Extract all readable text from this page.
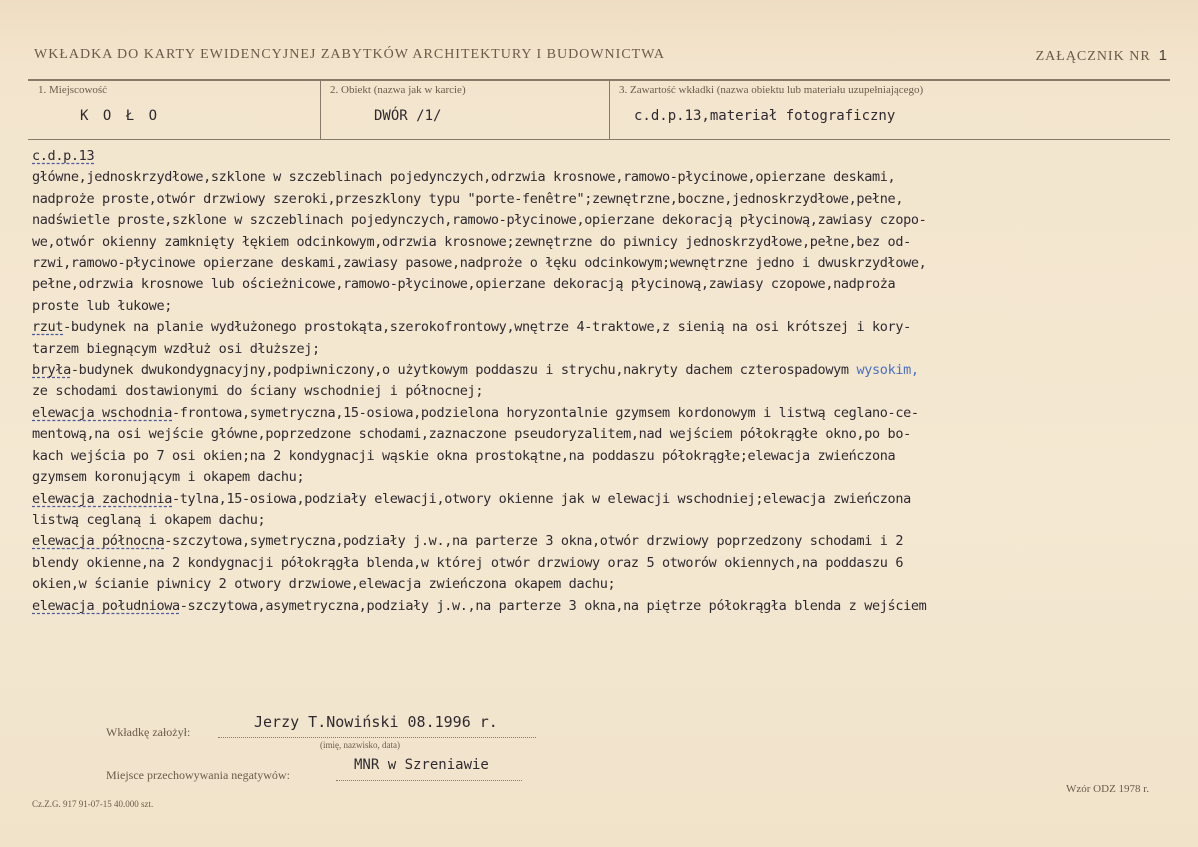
WKŁADKA DO KARTY EWIDENCYJNEJ ZABYTKÓW ARCHITEKTURY I BUDOWNICTWA	ZAŁĄCZNIK NR 1
1. Miejscowość
K O Ł O
2. Obiekt (nazwa jak w karcie)
DWÓR /1/
3. Zawartość wkładki (nazwa obiektu lub materiału uzupełniającego)
c.d.p.13,materiał fotograficzny
c.d.p.13
główne,jednoskrzydłowe,szklone w szczeblinach pojedynczych,odrzwia krosnowe,ramowo-płycinowe,opierzane deskami,
nadproże proste,otwór drzwiowy szeroki,przeszklony typu "porte-fenêtre";zewnętrzne,boczne,jednoskrzydłowe,pełne,
nadświetle proste,szklone w szczeblinach pojedynczych,ramowo-płycinowe,opierzane dekoracją płycinową,zawiasy czopo-
we,otwór okienny zamknięty łękiem odcinkowym,odrzwia krosnowe;zewnętrzne do piwnicy jednoskrzydłowe,pełne,bez od-
rzwi,ramowo-płycinowe opierzane deskami,zawiasy pasowe,nadproże o łęku odcinkowym;wewnętrzne jedno i dwuskrzydłowe,
pełne,odrzwia krosnowe lub ościeżnicowe,ramowo-płycinowe,opierzane dekoracją płycinową,zawiasy czopowe,nadproża
proste lub łukowe;
rzut-budynek na planie wydłużonego prostokąta,szerokofrontowy,wnętrze 4-traktowe,z sienią na osi krótszej i kory-
tarzem biegnącym wzdłuż osi dłuższej;
bryła-budynek dwukondygnacyjny,podpiwniczony,o użytkowym poddaszu i strychu,nakryty dachem czterospadowym wysokim,
ze schodami dostawionymi do ściany wschodniej i północnej;
elewacja wschodnia-frontowa,symetryczna,15-osiowa,podzielona horyzontalnie gzymsem kordonowym i listwą ceglano-ce-
mentową,na osi wejście główne,poprzedzone schodami,zaznaczone pseudoryzalitem,nad wejściem półokrągłe okno,po bo-
kach wejścia po 7 osi okien;na 2 kondygnacji wąskie okna prostokątne,na poddaszu półokrągłe;elewacja zwieńczona
gzymsem koronującym i okapem dachu;
elewacja zachodnia-tylna,15-osiowa,podziały elewacji,otwory okienne jak w elewacji wschodniej;elewacja zwieńczona
listwą ceglaną i okapem dachu;
elewacja północna-szczytowa,symetryczna,podziały j.w.,na parterze 3 okna,otwór drzwiowy poprzedzony schodami i 2
blendy okienne,na 2 kondygnacji półokrągła blenda,w której otwór drzwiowy oraz 5 otworów okiennych,na poddaszu 6
okien,w ścianie piwnicy 2 otwory drzwiowe,elewacja zwieńczona okapem dachu;
elewacja południowa-szczytowa,asymetryczna,podziały j.w.,na parterze 3 okna,na piętrze półokrągła blenda z wejściem
Wkładkę założył:
Jerzy T.Nowiński 08.1996 r.
(imię, nazwisko, data)
Miejsce przechowywania negatywów:
MNR w Szreniawie
Cz.Z.G. 917 91-07-15 40.000 szt.
Wzór ODZ 1978 r.
